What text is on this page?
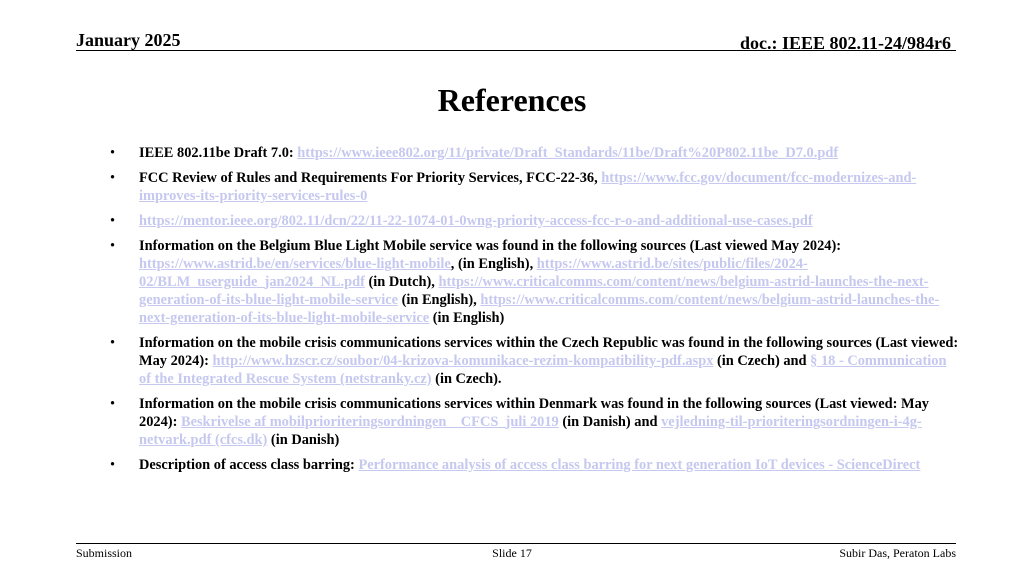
January 2025	doc.: IEEE 802.11-24/984r6
References
• IEEE 802.11be Draft 7.0: https://www.ieee802.org/11/private/Draft_Standards/11be/Draft%20P802.11be_D7.0.pdf
• FCC Review of Rules and Requirements For Priority Services, FCC-22-36, https://www.fcc.gov/document/fcc-modernizes-and-improves-its-priority-services-rules-0
• https://mentor.ieee.org/802.11/dcn/22/11-22-1074-01-0wng-priority-access-fcc-r-o-and-additional-use-cases.pdf
• Information on the Belgium Blue Light Mobile service was found in the following sources (Last viewed May 2024): https://www.astrid.be/en/services/blue-light-mobile, (in English), https://www.astrid.be/sites/public/files/2024-02/BLM_userguide_jan2024_NL.pdf (in Dutch), https://www.criticalcomms.com/content/news/belgium-astrid-launches-the-next-generation-of-its-blue-light-mobile-service (in English), https://www.criticalcomms.com/content/news/belgium-astrid-launches-the-next-generation-of-its-blue-light-mobile-service (in English)
• Information on the mobile crisis communications services within the Czech Republic was found in the following sources (Last viewed: May 2024): http://www.hzscr.cz/soubor/04-krizova-komunikace-rezim-kompatibility-pdf.aspx (in Czech) and § 18 - Communication of the Integrated Rescue System (netstranky.cz) (in Czech).
• Information on the mobile crisis communications services within Denmark was found in the following sources (Last viewed: May 2024): Beskrivelse af mobilprioriteringsordningen _ CFCS_juli 2019 (in Danish) and vejledning-til-prioriteringsordningen-i-4g-netvark.pdf (cfcs.dk) (in Danish)
• Description of access class barring: Performance analysis of access class barring for next generation IoT devices - ScienceDirect
Submission	Slide 17	Subir Das, Peraton Labs
